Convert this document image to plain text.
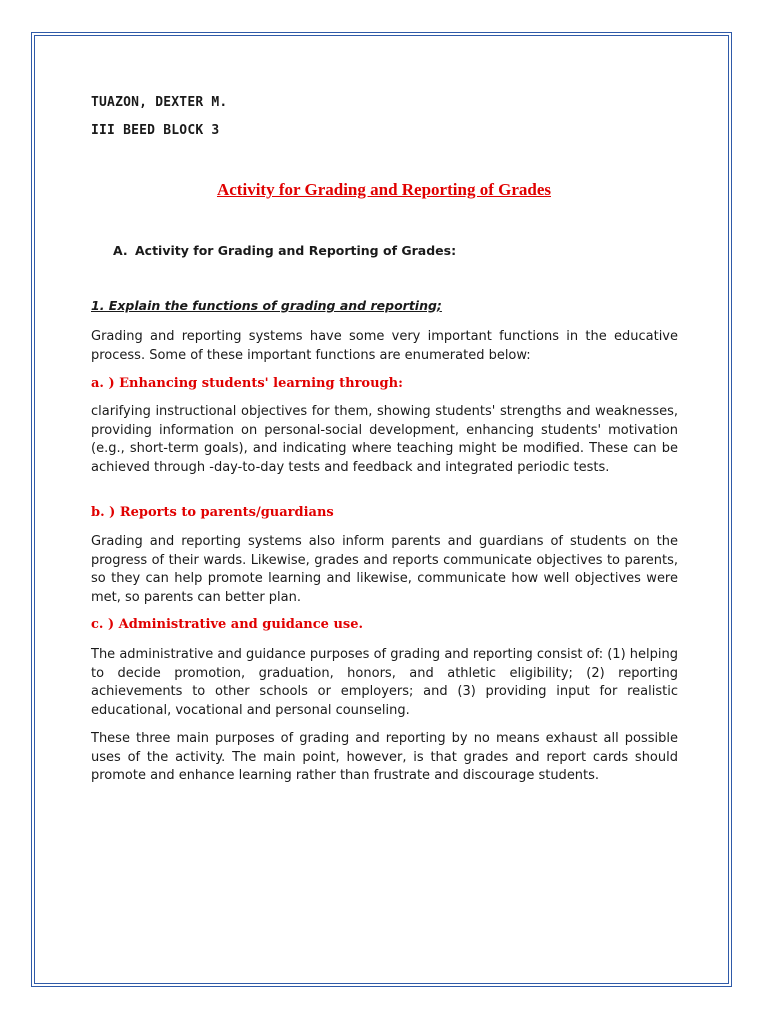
TUAZON, DEXTER M.

III BEED BLOCK 3

Activity for Grading and Reporting of Grades

A. Activity for Grading and Reporting of Grades:

1. Explain the functions of grading and reporting;

Grading and reporting systems have some very important functions in the educative process. Some of these important functions are enumerated below:

a. ) Enhancing students' learning through:

clarifying instructional objectives for them, showing students' strengths and weaknesses, providing information on personal-social development, enhancing students' motivation (e.g., short-term goals), and indicating where teaching might be modified. These can be achieved through -day-to-day tests and feedback and integrated periodic tests.

b. ) Reports to parents/guardians

Grading and reporting systems also inform parents and guardians of students on the progress of their wards. Likewise, grades and reports communicate objectives to parents, so they can help promote learning and likewise, communicate how well objectives were met, so parents can better plan.

c. ) Administrative and guidance use.

The administrative and guidance purposes of grading and reporting consist of: (1) helping to decide promotion, graduation, honors, and athletic eligibility; (2) reporting achievements to other schools or employers; and (3) providing input for realistic educational, vocational and personal counseling.

These three main purposes of grading and reporting by no means exhaust all possible uses of the activity. The main point, however, is that grades and report cards should promote and enhance learning rather than frustrate and discourage students.
